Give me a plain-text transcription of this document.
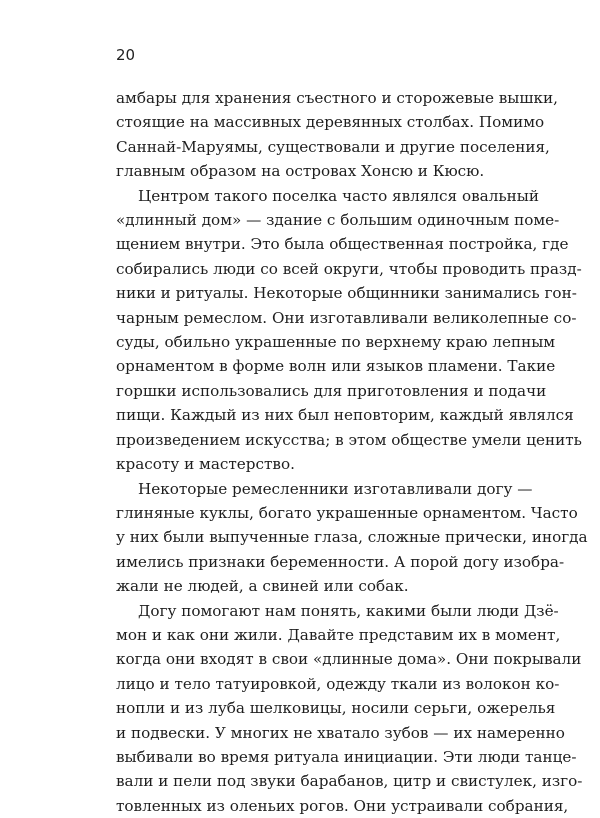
20

амбары для хранения съестного и сторожевые вышки,
стоящие на массивных деревянных столбах. Помимо
Саннай-Маруямы, существовали и другие поселения,
главным образом на островах Хонсю и Кюсю.
Центром такого поселка часто являлся овальный
«длинный дом» — здание с большим одиночным поме-
щением внутри. Это была общественная постройка, где
собирались люди со всей округи, чтобы проводить празд-
ники и ритуалы. Некоторые общинники занимались гон-
чарным ремеслом. Они изготавливали великолепные со-
суды, обильно украшенные по верхнему краю лепным
орнаментом в форме волн или языков пламени. Такие
горшки использовались для приготовления и подачи
пищи. Каждый из них был неповторим, каждый являлся
произведением искусства; в этом обществе умели ценить
красоту и мастерство.
Некоторые ремесленники изготавливали догу —
глиняные куклы, богато украшенные орнаментом. Часто
у них были выпученные глаза, сложные прически, иногда
имелись признаки беременности. А порой догу изобра-
жали не людей, а свиней или собак.
Догу помогают нам понять, какими были люди Дзё-
мон и как они жили. Давайте представим их в момент,
когда они входят в свои «длинные дома». Они покрывали
лицо и тело татуировкой, одежду ткали из волокон ко-
нопли и из луба шелковицы, носили серьги, ожерелья
и подвески. У многих не хватало зубов — их намеренно
выбивали во время ритуала инициации. Эти люди танце-
вали и пели под звуки барабанов, цитр и свистулек, изго-
товленных из оленьих рогов. Они устраивали собрания,
